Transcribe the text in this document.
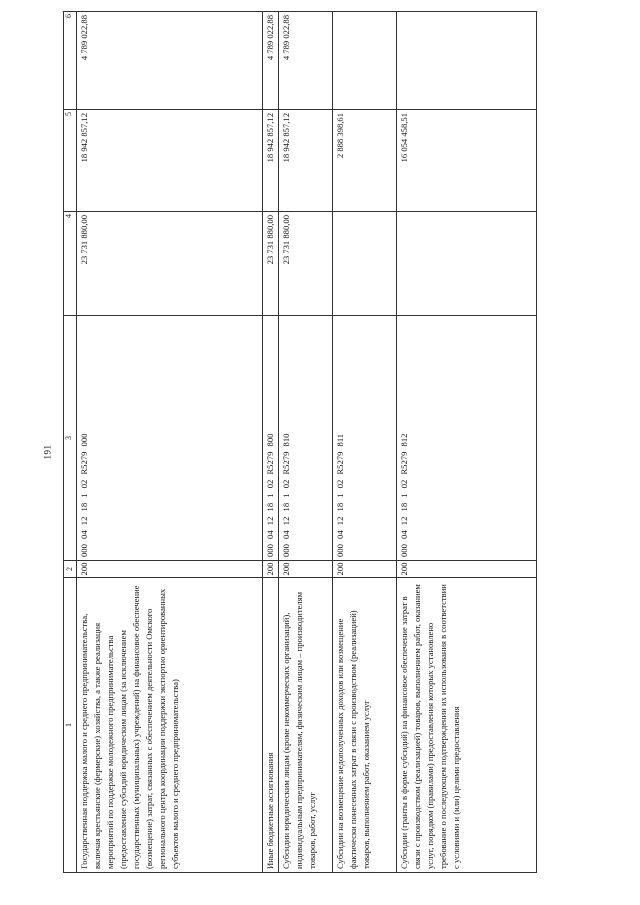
191
1	2	3	4	5	6
Государственная поддержка малого и среднего предпринимательства, включая крестьянские (фермерские) хозяйства, а также реализация мероприятий по поддержке молодежного предпринимательства (предоставление субсидий юридическим лицам (за исключением государственных (муниципальных) учреждений) на финансовое обеспечение (возмещение) затрат, связанных с обеспечением деятельности Омского регионального центра координации поддержки экспортно ориентированных субъектов малого и среднего предпринимательства)	200	000 04 12 18 1 02 R5279 000	23 731 880,00	18 942 857,12	4 789 022,88
Иные бюджетные ассигнования	200	000 04 12 18 1 02 R5279 800	23 731 880,00	18 942 857,12	4 789 022,88
Субсидии юридическим лицам (кроме некоммерческих организаций), индивидуальным предпринимателям, физическим лицам – производителям товаров, работ, услуг	200	000 04 12 18 1 02 R5279 810	23 731 880,00	18 942 857,12	4 789 022,88
Субсидии на возмещение недополученных доходов или возмещение фактически понесенных затрат в связи с производством (реализацией) товаров, выполнением работ, оказанием услуг	200	000 04 12 18 1 02 R5279 811		2 888 398,61	
Субсидии (гранты в форме субсидий) на финансовое обеспечение затрат в связи с производством (реализацией) товаров, выполнением работ, оказанием услуг, порядком (правилами) предоставления которых установлено требование о последующем подтверждении их использования в соответствии с условиями и (или) целями предоставления	200	000 04 12 18 1 02 R5279 812		16 054 458,51	
